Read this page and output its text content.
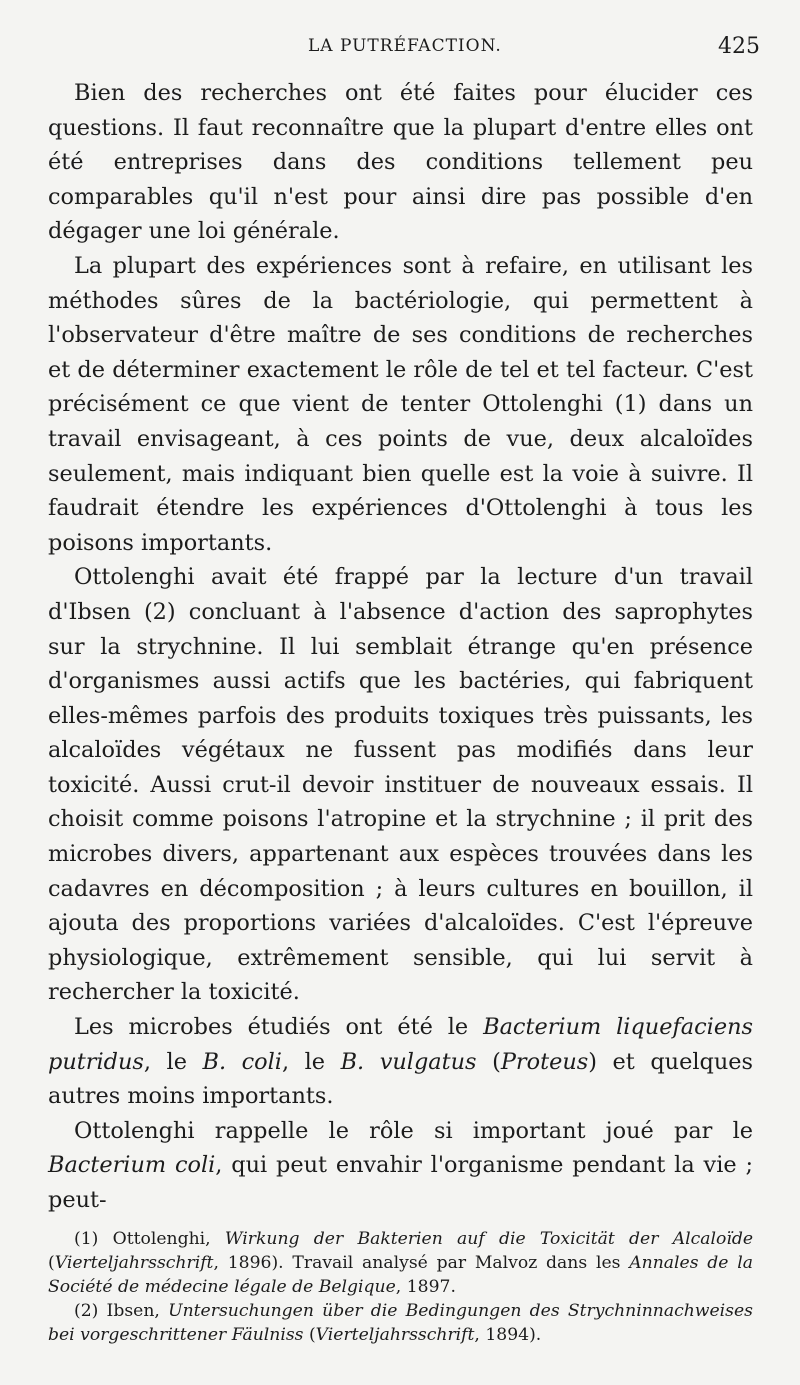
LA PUTRÉFACTION.	425

Bien des recherches ont été faites pour élucider ces questions. Il faut reconnaître que la plupart d'entre elles ont été entreprises dans des conditions tellement peu comparables qu'il n'est pour ainsi dire pas possible d'en dégager une loi générale.

La plupart des expériences sont à refaire, en utilisant les méthodes sûres de la bactériologie, qui permettent à l'observateur d'être maître de ses conditions de recherches et de déterminer exactement le rôle de tel et tel facteur. C'est précisément ce que vient de tenter Ottolenghi (1) dans un travail envisageant, à ces points de vue, deux alcaloïdes seulement, mais indiquant bien quelle est la voie à suivre. Il faudrait étendre les expériences d'Ottolenghi à tous les poisons importants.

Ottolenghi avait été frappé par la lecture d'un travail d'Ibsen (2) concluant à l'absence d'action des saprophytes sur la strychnine. Il lui semblait étrange qu'en présence d'organismes aussi actifs que les bactéries, qui fabriquent elles-mêmes parfois des produits toxiques très puissants, les alcaloïdes végétaux ne fussent pas modifiés dans leur toxicité. Aussi crut-il devoir instituer de nouveaux essais. Il choisit comme poisons l'atropine et la strychnine ; il prit des microbes divers, appartenant aux espèces trouvées dans les cadavres en décomposition ; à leurs cultures en bouillon, il ajouta des proportions variées d'alcaloïdes. C'est l'épreuve physiologique, extrêmement sensible, qui lui servit à rechercher la toxicité.

Les microbes étudiés ont été le Bacterium liquefaciens putridus, le B. coli, le B. vulgatus (Proteus) et quelques autres moins importants.

Ottolenghi rappelle le rôle si important joué par le Bacterium coli, qui peut envahir l'organisme pendant la vie ; peut-

(1) Ottolenghi, Wirkung der Bakterien auf die Toxicität der Alcaloïde (Vierteljahrsschrift, 1896). Travail analysé par Malvoz dans les Annales de la Société de médecine légale de Belgique, 1897.

(2) Ibsen, Untersuchungen über die Bedingungen des Strychninnachweises bei vorgeschrittener Fäulniss (Vierteljahrsschrift, 1894).
